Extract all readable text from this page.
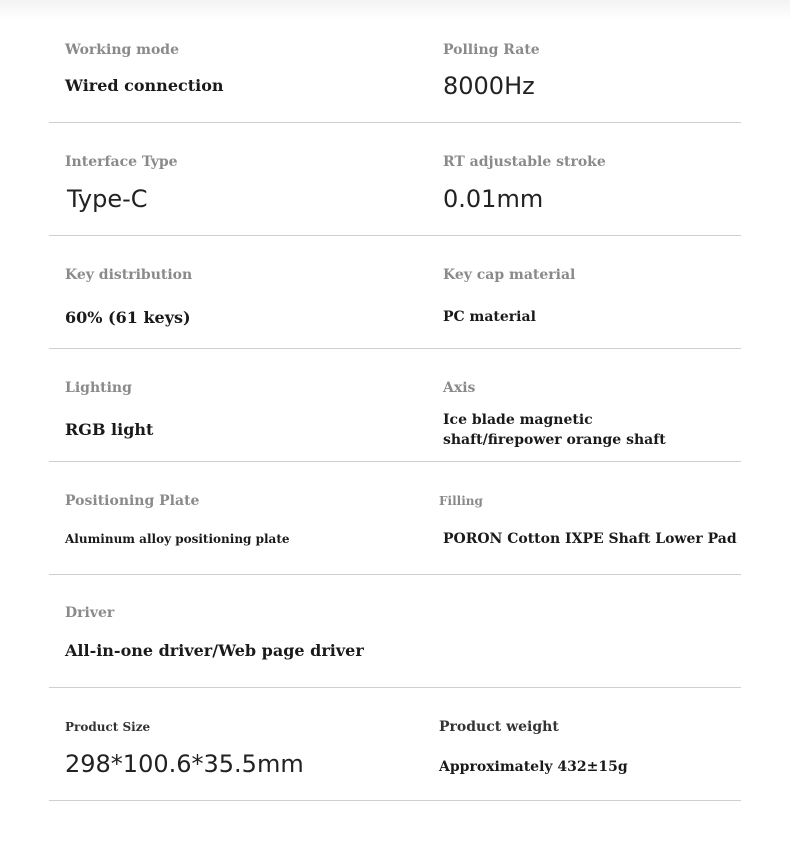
Working mode
Wired connection
Polling Rate
8000Hz
Interface Type
Type-C
RT adjustable stroke
0.01mm
Key distribution
60% (61 keys)
Key cap material
PC material
Lighting
RGB light
Axis
Ice blade magnetic shaft/firepower orange shaft
Positioning Plate
Aluminum alloy positioning plate
Filling
PORON Cotton IXPE Shaft Lower Pad
Driver
All-in-one driver/Web page driver
Product Size
298*100.6*35.5mm
Product weight
Approximately 432±15g
